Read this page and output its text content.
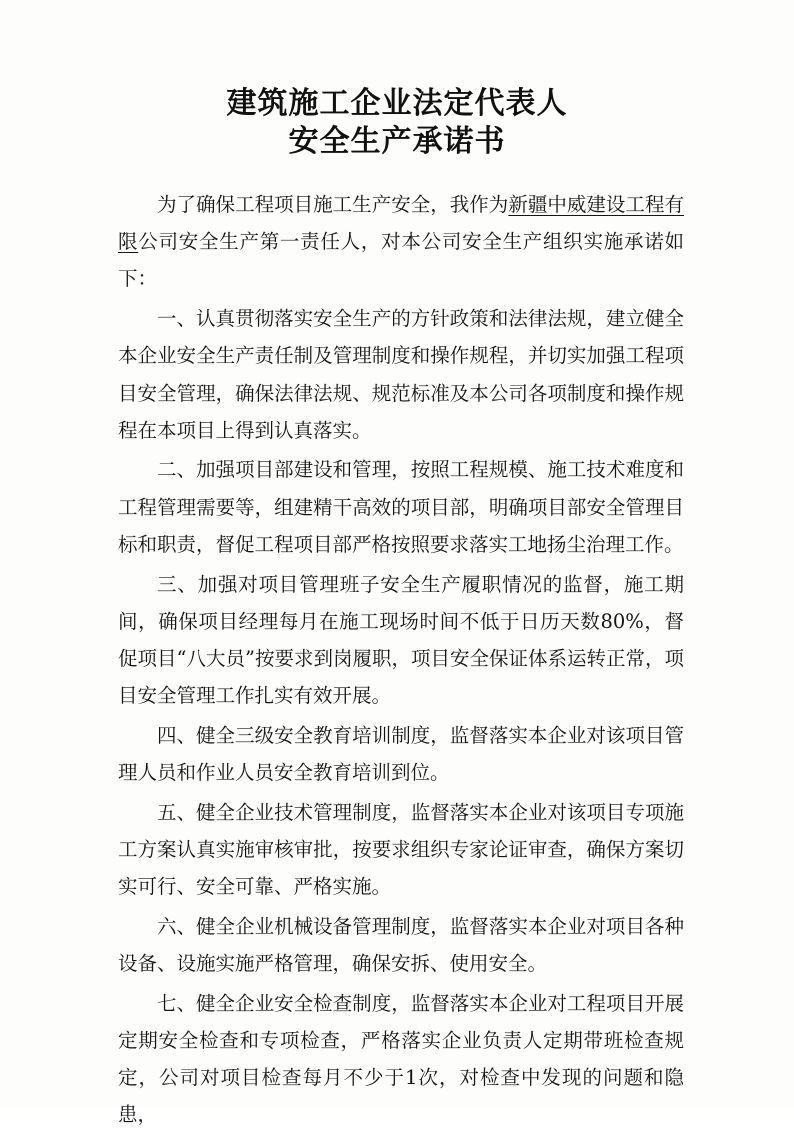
建筑施工企业法定代表人
安全生产承诺书

为了确保工程项目施工生产安全，我作为新疆中威建设工程有限公司安全生产第一责任人，对本公司安全生产组织实施承诺如下：

一、认真贯彻落实安全生产的方针政策和法律法规，建立健全本企业安全生产责任制及管理制度和操作规程，并切实加强工程项目安全管理，确保法律法规、规范标准及本公司各项制度和操作规程在本项目上得到认真落实。

二、加强项目部建设和管理，按照工程规模、施工技术难度和工程管理需要等，组建精干高效的项目部，明确项目部安全管理目标和职责，督促工程项目部严格按照要求落实工地扬尘治理工作。

三、加强对项目管理班子安全生产履职情况的监督，施工期间，确保项目经理每月在施工现场时间不低于日历天数80%，督促项目“八大员”按要求到岗履职，项目安全保证体系运转正常，项目安全管理工作扎实有效开展。

四、健全三级安全教育培训制度，监督落实本企业对该项目管理人员和作业人员安全教育培训到位。

五、健全企业技术管理制度，监督落实本企业对该项目专项施工方案认真实施审核审批，按要求组织专家论证审查，确保方案切实可行、安全可靠、严格实施。

六、健全企业机械设备管理制度，监督落实本企业对项目各种设备、设施实施严格管理，确保安拆、使用安全。

七、健全企业安全检查制度，监督落实本企业对工程项目开展定期安全检查和专项检查，严格落实企业负责人定期带班检查规定，公司对项目检查每月不少于1次，对检查中发现的问题和隐患，
